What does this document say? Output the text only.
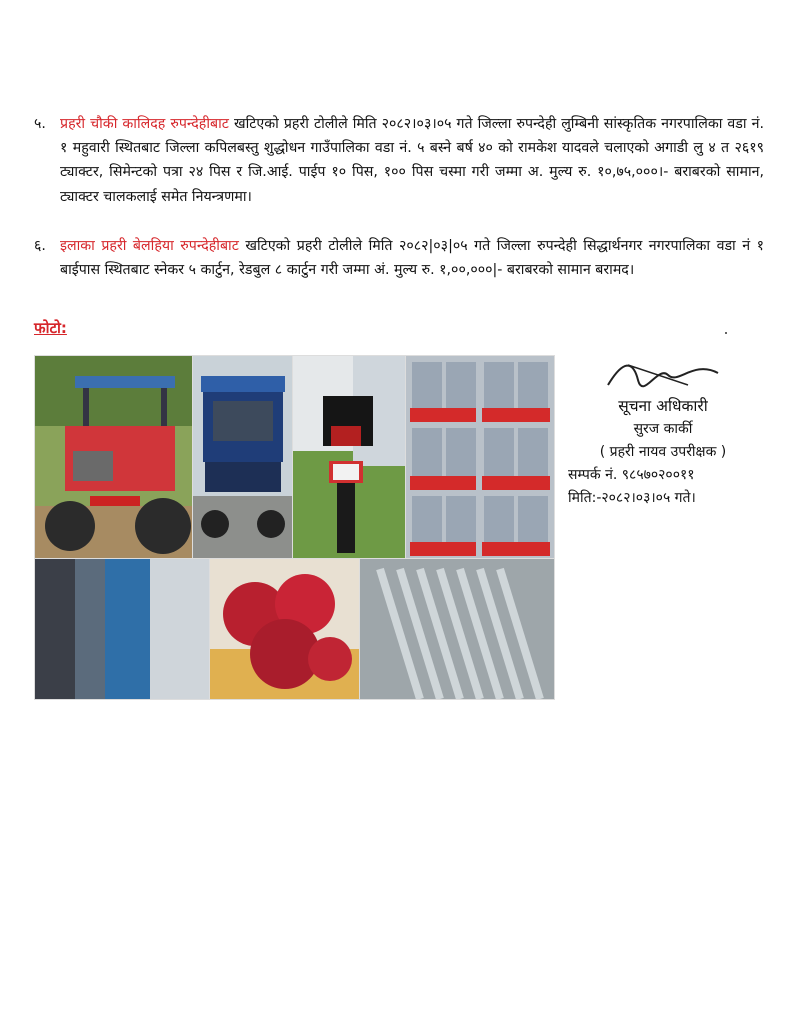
५. प्रहरी चौकी कालिदह रुपन्देहीबाट खटिएको प्रहरी टोलीले मिति २०८२।०३।०५ गते जिल्ला रुपन्देही लुम्बिनी सांस्कृतिक नगरपालिका वडा नं. १ महुवारी स्थितबाट जिल्ला कपिलबस्तु शुद्धोधन गाउँपालिका वडा नं. ५ बस्ने बर्ष ४० को रामकेश यादवले चलाएको अगाडी लु ४ त २६१९ ट्याक्टर, सिमेन्टको पत्रा २४ पिस र जि.आई. पाईप १० पिस, १०० पिस चस्मा गरी जम्मा अ. मुल्य रु. १०,७५,०००।- बराबरको सामान, ट्याक्टर चालकलाई समेत नियन्त्रणमा।
६. इलाका प्रहरी बेलहिया रुपन्देहीबाट खटिएको प्रहरी टोलीले मिति २०८२|०३|०५ गते जिल्ला रुपन्देही सिद्धार्थनगर नगरपालिका वडा नं १ बाईपास स्थितबाट स्नेकर ५ कार्टुन, रेडबुल ८ कार्टुन गरी जम्मा अं. मुल्य रु. १,००,०००|- बराबरको सामान बरामद।
फोटो:
सूचना अधिकारी
सुरज कार्की
( प्रहरी नायव उपरीक्षक )
सम्पर्क नं. ९८५७०२००११
मिति:-२०८२।०३।०५ गते।
